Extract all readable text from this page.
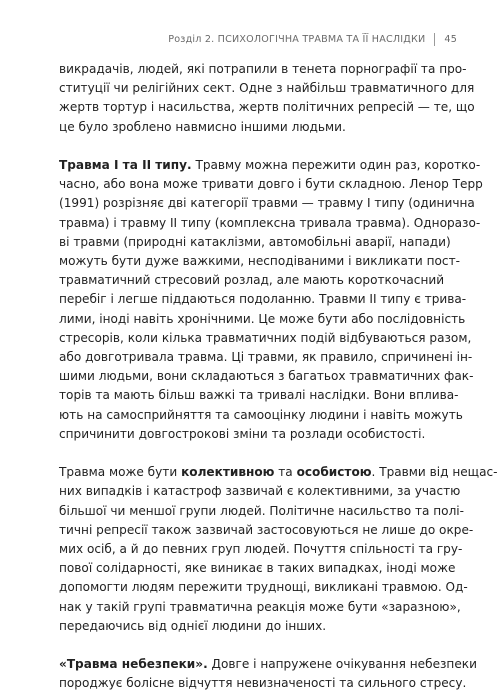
Розділ 2. ПСИХОЛОГІЧНА ТРАВМА ТА ЇЇ НАСЛІДКИ 45

викрадачів, людей, які потрапили в тенета порнографії та про-
ституції чи релігійних сект. Одне з найбільш травматичного для
жертв тортур і насильства, жертв політичних репресій — те, що
це було зроблено навмисно іншими людьми.

Травма І та ІІ типу. Травму можна пережити один раз, коротко-
часно, або вона може тривати довго і бути складною. Ленор Терр
(1991) розрізняє дві категорії травми — травму І типу (одинична
травма) і травму ІІ типу (комплексна тривала травма). Одноразо-
ві травми (природні катаклізми, автомобільні аварії, напади)
можуть бути дуже важкими, несподіваними і викликати пост-
травматичний стресовий розлад, але мають короткочасний
перебіг і легше піддаються подоланню. Травми ІІ типу є трива-
лими, іноді навіть хронічними. Це може бути або послідовність
стресорів, коли кілька травматичних подій відбуваються разом,
або довготривала травма. Ці травми, як правило, спричинені ін-
шими людьми, вони складаються з багатьох травматичних фак-
торів та мають більш важкі та тривалі наслідки. Вони вплива-
ють на самосприйняття та самооцінку людини і навіть можуть
спричинити довгострокові зміни та розлади особистості.

Травма може бути колективною та особистою. Травми від нещас-
них випадків і катастроф зазвичай є колективними, за участю
більшої чи меншої групи людей. Політичне насильство та полі-
тичні репресії також зазвичай застосовуються не лише до окре-
мих осіб, а й до певних груп людей. Почуття спільності та гру-
пової солідарності, яке виникає в таких випадках, іноді може
допомогти людям пережити труднощі, викликані травмою. Од-
нак у такій групі травматична реакція може бути «заразною»,
передаючись від однієї людини до інших.

«Травма небезпеки». Довге і напружене очікування небезпеки
породжує болісне відчуття невизначеності та сильного стресу.
